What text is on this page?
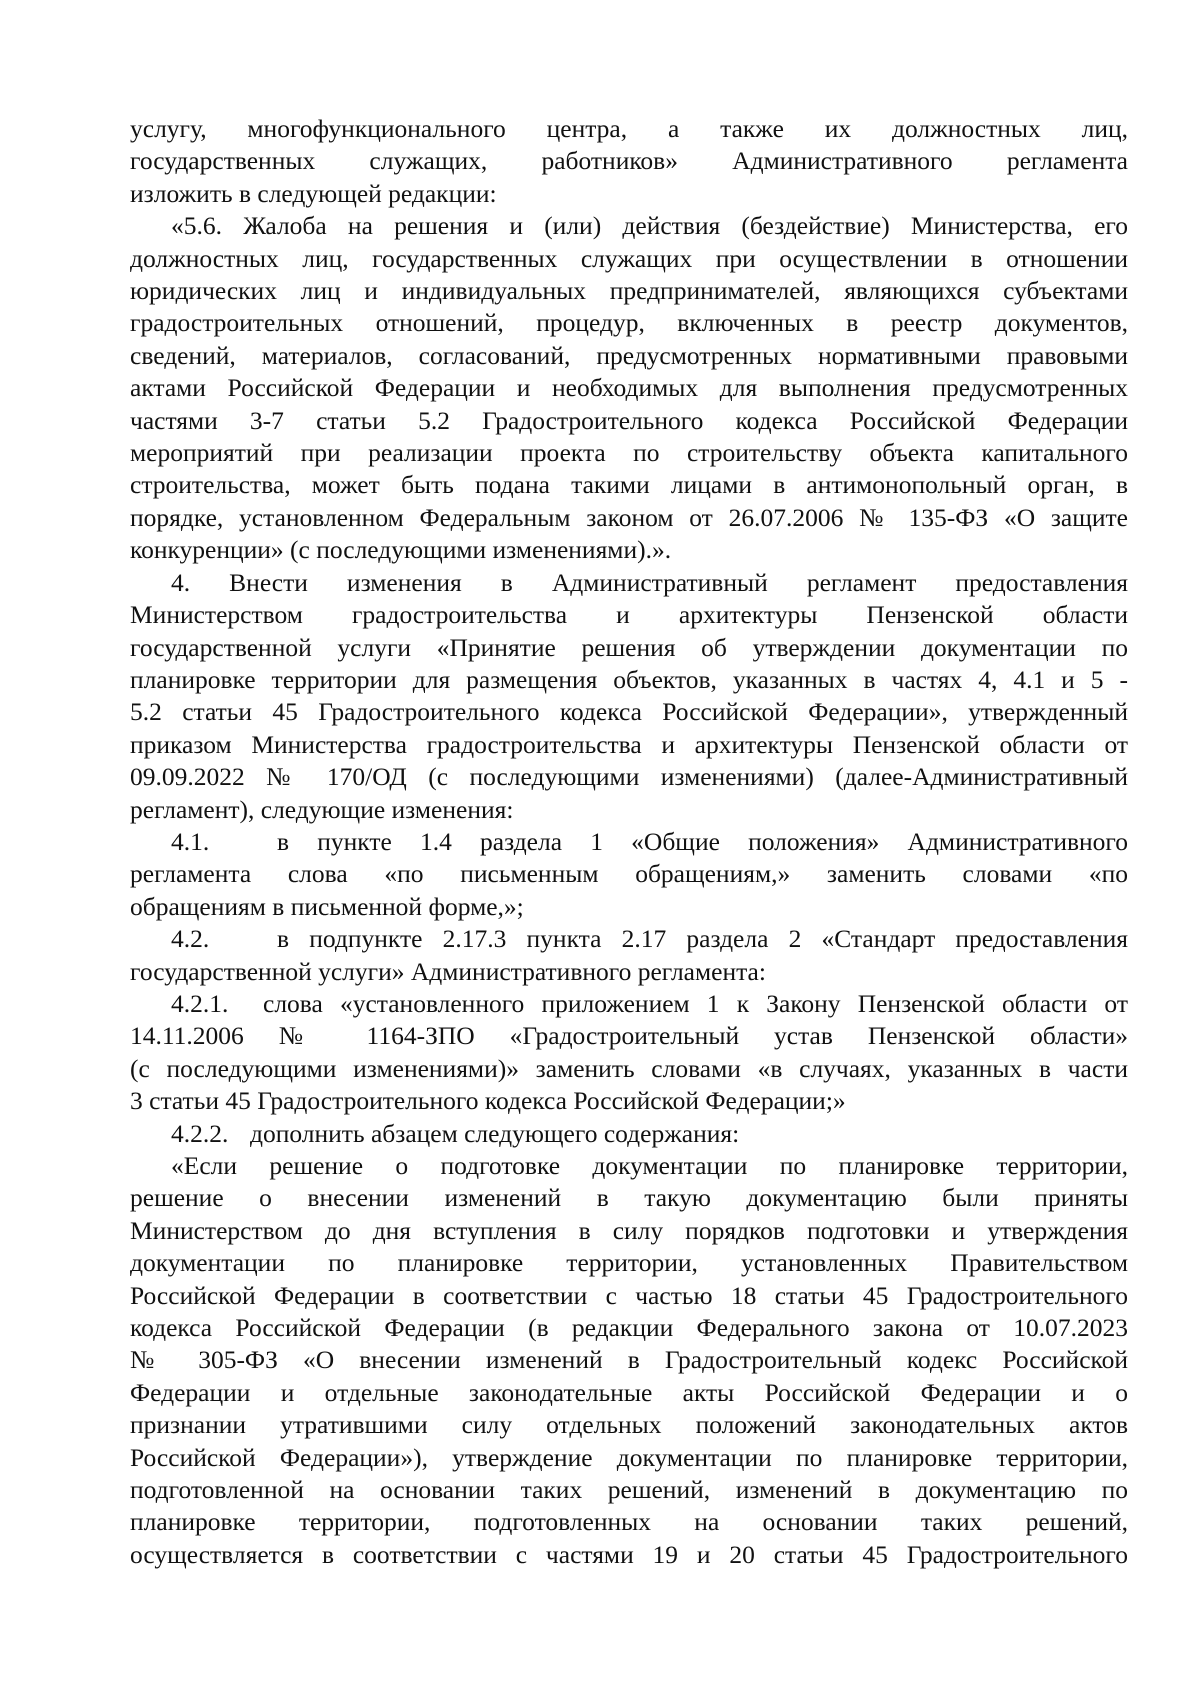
услугу, многофункционального центра, а также их должностных лиц,
государственных служащих, работников» Административного регламента
изложить в следующей редакции:
«5.6. Жалоба на решения и (или) действия (бездействие) Министерства, его
должностных лиц, государственных служащих при осуществлении в отношении
юридических лиц и индивидуальных предпринимателей, являющихся субъектами
градостроительных отношений, процедур, включенных в реестр документов,
сведений, материалов, согласований, предусмотренных нормативными правовыми
актами Российской Федерации и необходимых для выполнения предусмотренных
частями 3-7 статьи 5.2 Градостроительного кодекса Российской Федерации
мероприятий при реализации проекта по строительству объекта капитального
строительства, может быть подана такими лицами в антимонопольный орган, в
порядке, установленном Федеральным законом от 26.07.2006 № 135-ФЗ «О защите
конкуренции» (с последующими изменениями).».
4. Внести изменения в Административный регламент предоставления
Министерством градостроительства и архитектуры Пензенской области
государственной услуги «Принятие решения об утверждении документации по
планировке территории для размещения объектов, указанных в частях 4, 4.1 и 5 -
5.2 статьи 45 Градостроительного кодекса Российской Федерации», утвержденный
приказом Министерства градостроительства и архитектуры Пензенской области от
09.09.2022 № 170/ОД (с последующими изменениями) (далее-Административный
регламент), следующие изменения:
4.1.	в пункте 1.4 раздела 1 «Общие положения» Административного
регламента слова «по письменным обращениям,» заменить словами «по
обращениям в письменной форме,»;
4.2.	в подпункте 2.17.3 пункта 2.17 раздела 2 «Стандарт предоставления
государственной услуги» Административного регламента:
4.2.1. слова «установленного приложением 1 к Закону Пензенской области от
14.11.2006 № 1164-ЗПО «Градостроительный устав Пензенской области»
(с последующими изменениями)» заменить словами «в случаях, указанных в части
3 статьи 45 Градостроительного кодекса Российской Федерации;»
4.2.2. дополнить абзацем следующего содержания:
«Если решение о подготовке документации по планировке территории,
решение о внесении изменений в такую документацию были приняты
Министерством до дня вступления в силу порядков подготовки и утверждения
документации по планировке территории, установленных Правительством
Российской Федерации в соответствии с частью 18 статьи 45 Градостроительного
кодекса Российской Федерации (в редакции Федерального закона от 10.07.2023
№ 305-ФЗ «О внесении изменений в Градостроительный кодекс Российской
Федерации и отдельные законодательные акты Российской Федерации и о
признании утратившими силу отдельных положений законодательных актов
Российской Федерации»), утверждение документации по планировке территории,
подготовленной на основании таких решений, изменений в документацию по
планировке территории, подготовленных на основании таких решений,
осуществляется в соответствии с частями 19 и 20 статьи 45 Градостроительного
